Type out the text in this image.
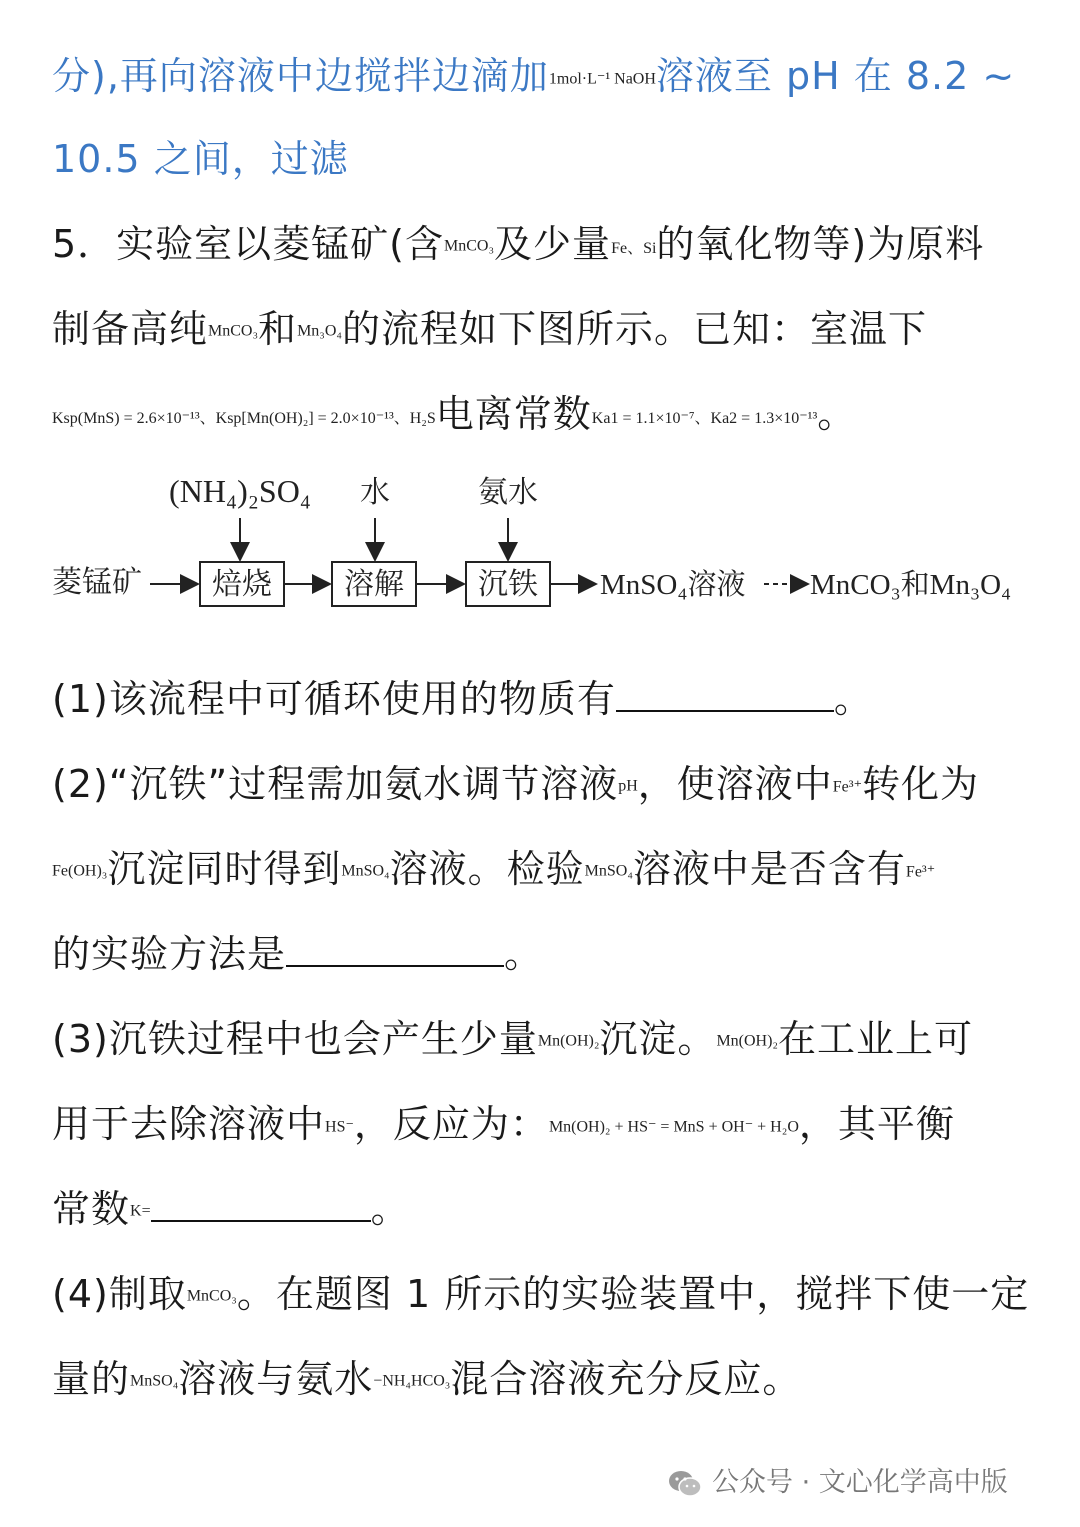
分),再向溶液中边搅拌边滴加1mol·L⁻¹ NaOH溶液至 pH 在 8.2 ~
10.5 之间，过滤
5．实验室以菱锰矿(含MnCO₃及少量Fe、Si的氧化物等)为原料
制备高纯MnCO₃和Mn₃O₄的流程如下图所示。已知：室温下
Ksp(MnS) = 2.6×10⁻¹³、Ksp[Mn(OH)₂] = 2.0×10⁻¹³、H₂S电离常数Ka1 = 1.1×10⁻⁷、Ka2 = 1.3×10⁻¹³。
(NH₄)₂SO₄ 水	氨水
菱锰矿 焙烧 溶解 沉铁 MnSO₄溶液 MnCO₃和Mn₃O₄
(1)该流程中可循环使用的物质有	。
(2)“沉铁”过程需加氨水调节溶液pH，使溶液中Fe³⁺转化为
Fe(OH)₃沉淀同时得到MnSO₄溶液。检验MnSO₄溶液中是否含有Fe³⁺
的实验方法是	。
(3)沉铁过程中也会产生少量Mn(OH)₂沉淀。Mn(OH)₂在工业上可
用于去除溶液中HS⁻，反应为：Mn(OH)₂ + HS⁻ = MnS + OH⁻ + H₂O，其平衡
常数K=	。
(4)制取MnCO₃。在题图 1 所示的实验装置中，搅拌下使一定
量的MnSO₄溶液与氨水−NH₄HCO₃混合溶液充分反应。
公众号 · 文心化学高中版
